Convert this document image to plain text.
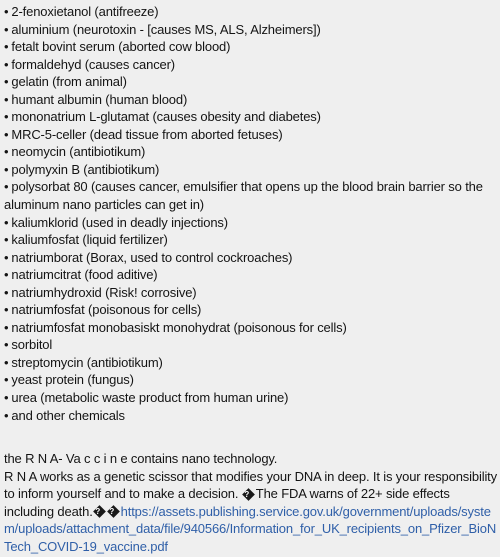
• 2-fenoxietanol (antifreeze)
• aluminium (neurotoxin - [causes MS, ALS, Alzheimers])
• fetalt bovint serum (aborted cow blood)
• formaldehyd (causes cancer)
• gelatin (from animal)
• humant albumin (human blood)
• mononatrium L-glutamat (causes obesity and diabetes)
• MRC-5-celler (dead tissue from aborted fetuses)
• neomycin (antibiotikum)
• polymyxin B (antibiotikum)
• polysorbat 80 (causes cancer, emulsifier that opens up the blood brain barrier so the aluminum nano particles can get in)
• kaliumklorid (used in deadly injections)
• kaliumfosfat (liquid fertilizer)
• natriumborat (Borax, used to control cockroaches)
• natriumcitrat (food aditive)
• natriumhydroxid (Risk! corrosive)
• natriumfosfat (poisonous for cells)
• natriumfosfat monobasiskt monohydrat (poisonous for cells)
• sorbitol
• streptomycin (antibiotikum)
• yeast protein (fungus)
• urea (metabolic waste product from human urine)
• and other chemicals
the R N A- Va c c i n e contains nano technology.
R N A works as a genetic scissor that modifies your DNA in deep. It is your responsibility to inform yourself and to make a decision. ?The FDA warns of 22+ side effects including death. ? ? https://assets.publishing.service.gov.uk/government/uploads/system/uploads/attachment_data/file/940566/Information_for_UK_recipients_on_Pfizer_BioNTech_COVID-19_vaccine.pdf
